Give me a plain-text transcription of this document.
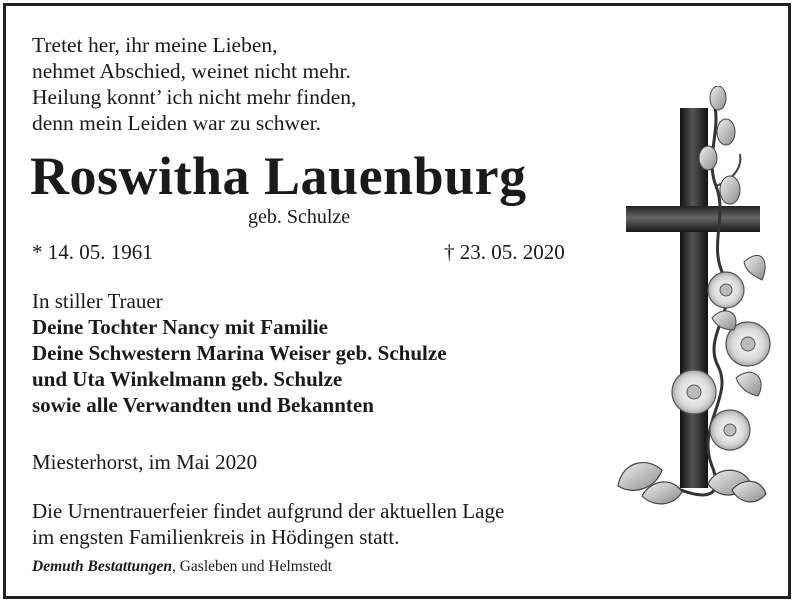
Tretet her, ihr meine Lieben,
nehmet Abschied, weinet nicht mehr.
Heilung konnt’ ich nicht mehr finden,
denn mein Leiden war zu schwer.
Roswitha Lauenburg
geb. Schulze
* 14. 05. 1961	† 23. 05. 2020
In stiller Trauer
Deine Tochter Nancy mit Familie
Deine Schwestern Marina Weiser geb. Schulze
und Uta Winkelmann geb. Schulze
sowie alle Verwandten und Bekannten
Miesterhorst, im Mai 2020
Die Urnentrauerfeier findet aufgrund der aktuellen Lage
im engsten Familienkreis in Hödingen statt.
Demuth Bestattungen, Gasleben und Helmstedt
